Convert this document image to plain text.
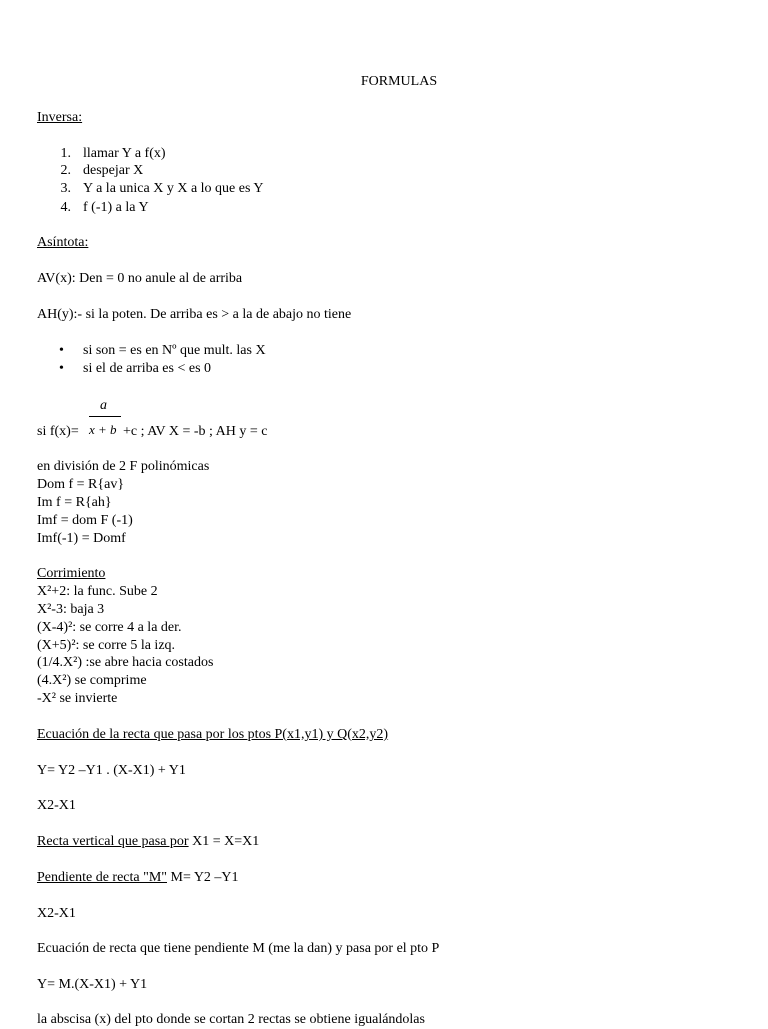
FORMULAS
Inversa:
1. llamar Y a f(x)
2. despejar X
3. Y a la unica X y X a lo que es Y
4. f (-1) a la Y
Asíntota:
AV(x): Den = 0 no anule al de arriba
AH(y):- si la poten. De arriba es > a la de abajo no tiene
• si son = es en Nº que mult. las X
• si el de arriba es < es 0
a
x + b
si f(x)=	+c ; AV X = -b ; AH y = c
en división de 2 F polinómicas
Dom f = R{av}
Im f = R{ah}
Imf = dom F (-1)
Imf(-1) = Domf
Corrimiento
X²+2: la func. Sube 2
X²-3: baja 3
(X-4)²: se corre 4 a la der.
(X+5)²: se corre 5 la izq.
(1/4.X²) :se abre hacia costados
(4.X²) se comprime
-X² se invierte
Ecuación de la recta que pasa por los ptos P(x1,y1) y Q(x2,y2)
Y= Y2 –Y1 . (X-X1) + Y1
X2-X1
Recta vertical que pasa por X1 = X=X1
Pendiente de recta "M" M= Y2 –Y1
X2-X1
Ecuación de recta que tiene pendiente M (me la dan) y pasa por el pto P
Y= M.(X-X1) + Y1
la abscisa (x) del pto donde se cortan 2 rectas se obtiene igualándolas
